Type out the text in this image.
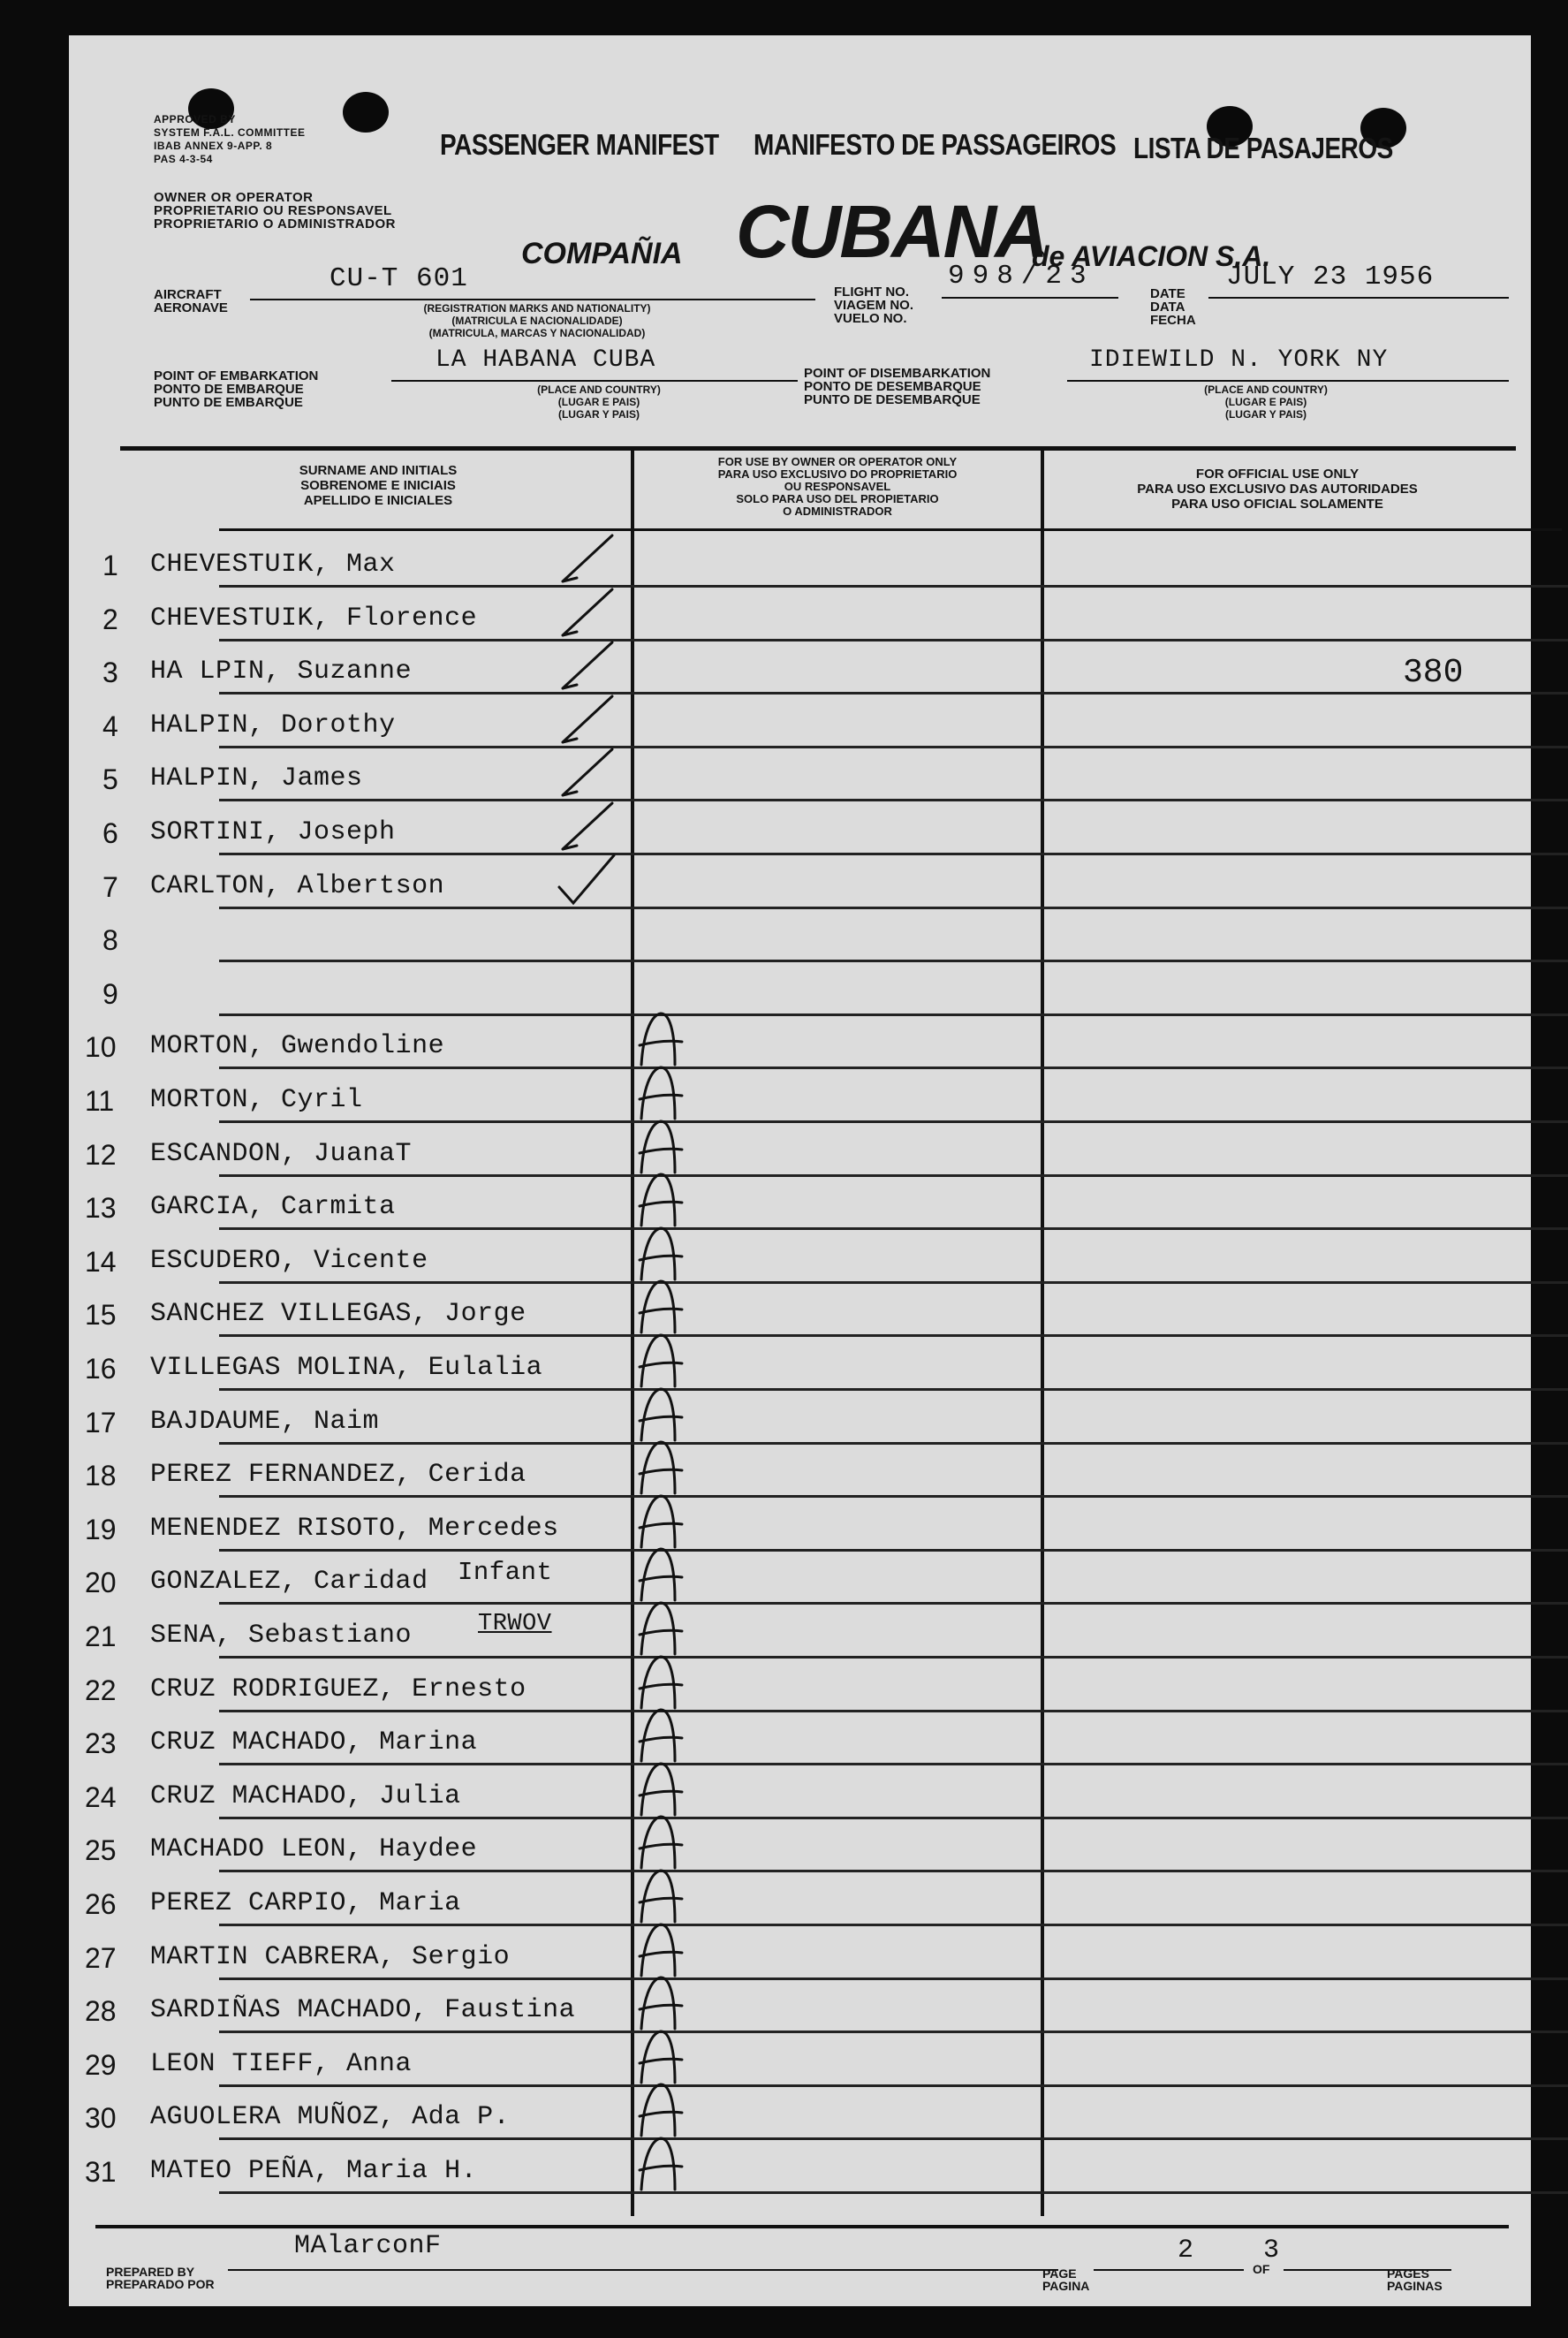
APPROVED BY
SYSTEM F.A.L. COMMITTEE
IBAB ANNEX 9-APP. 8
PAS 4-3-54	PASSENGER MANIFEST MANIFESTO DE PASSAGEIROS LISTA DE PASAJEROS
OWNER OR OPERATOR
PROPRIETARIO OU RESPONSAVEL
PROPRIETARIO O ADMINISTRADOR
COMPAÑIA CUBANA
de AVIACION S.A.
AIRCRAFT
AERONAVE
CU-T 601
(REGISTRATION MARKS AND NATIONALITY)
(MATRICULA E NACIONALIDADE)
(MATRICULA, MARCAS Y NACIONALIDAD)
FLIGHT NO.
VIAGEM NO.
VUELO NO.
998/23
DATE
DATA
FECHA
JULY 23 1956
POINT OF EMBARKATION
PONTO DE EMBARQUE
PUNTO DE EMBARQUE
LA HABANA CUBA
(PLACE AND COUNTRY)
(LUGAR E PAIS)
(LUGAR Y PAIS)
POINT OF DISEMBARKATION
PONTO DE DESEMBARQUE
PUNTO DE DESEMBARQUE
IDIEWILD N. YORK NY
(PLACE AND COUNTRY)
(LUGAR E PAIS)
(LUGAR Y PAIS)
SURNAME AND INITIALS
SOBRENOME E INICIAIS
APELLIDO E INICIALES
FOR USE BY OWNER OR OPERATOR ONLY
PARA USO EXCLUSIVO DO PROPRIETARIO
OU RESPONSAVEL
SOLO PARA USO DEL PROPIETARIO
O ADMINISTRADOR
FOR OFFICIAL USE ONLY
PARA USO EXCLUSIVO DAS AUTORIDADES
PARA USO OFICIAL SOLAMENTE
1 CHEVESTUIK, Max
2 CHEVESTUIK, Florence
3 HA LPIN, Suzanne
4 HALPIN, Dorothy
5 HALPIN, James
6 SORTINI, Joseph
7 CARLTON, Albertson
8
9
10 MORTON, Gwendoline
11 MORTON, Cyril
12 ESCANDON, JuanaT
13 GARCIA, Carmita
14 ESCUDERO, Vicente
15 SANCHEZ VILLEGAS, Jorge
16 VILLEGAS MOLINA, Eulalia
17 BAJDAUME, Naim
18 PEREZ FERNANDEZ, Cerida
19 MENENDEZ RISOTO, Mercedes
20 GONZALEZ, Caridad
21 SENA, Sebastiano
22 CRUZ RODRIGUEZ, Ernesto
23 CRUZ MACHADO, Marina
24 CRUZ MACHADO, Julia
25 MACHADO LEON, Haydee
26 PEREZ CARPIO, Maria
27 MARTIN CABRERA, Sergio
28 SARDIÑAS MACHADO, Faustina
29 LEON TIEFF, Anna
30 AGUOLERA MUÑOZ, Ada P.
31 MATEO PEÑA, Maria H.
Infant
TRWOV
380
MAlarconF
PREPARED BY
PREPARADO POR
PAGE
PAGINA
2
OF
3
PAGES
PAGINAS
